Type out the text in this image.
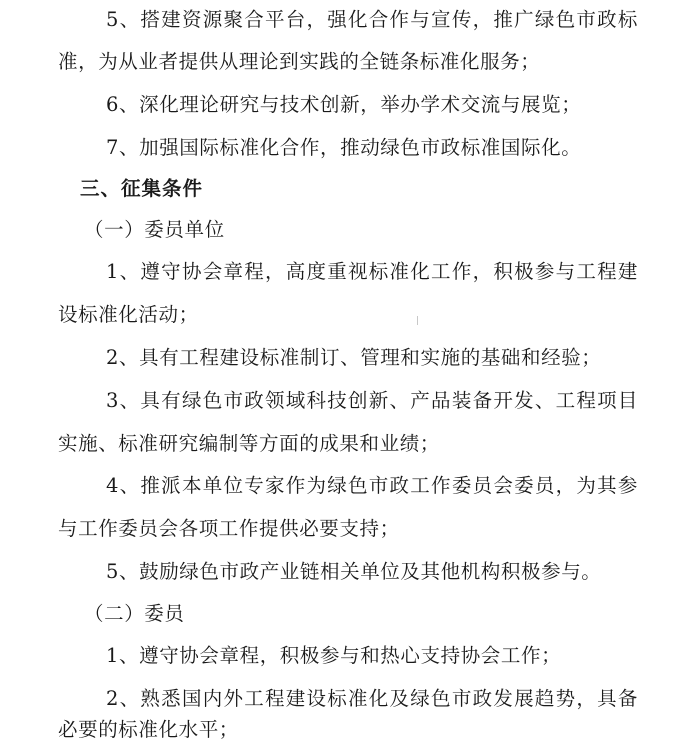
5、搭建资源聚合平台，强化合作与宣传，推广绿色市政标
准，为从业者提供从理论到实践的全链条标准化服务；
6、深化理论研究与技术创新，举办学术交流与展览；
7、加强国际标准化合作，推动绿色市政标准国际化。
三、征集条件
（一）委员单位
1、遵守协会章程，高度重视标准化工作，积极参与工程建
设标准化活动；
2、具有工程建设标准制订、管理和实施的基础和经验；
3、具有绿色市政领域科技创新、产品装备开发、工程项目
实施、标准研究编制等方面的成果和业绩；
4、推派本单位专家作为绿色市政工作委员会委员，为其参
与工作委员会各项工作提供必要支持；
5、鼓励绿色市政产业链相关单位及其他机构积极参与。
（二）委员
1、遵守协会章程，积极参与和热心支持协会工作；
2、熟悉国内外工程建设标准化及绿色市政发展趋势，具备
必要的标准化水平；
